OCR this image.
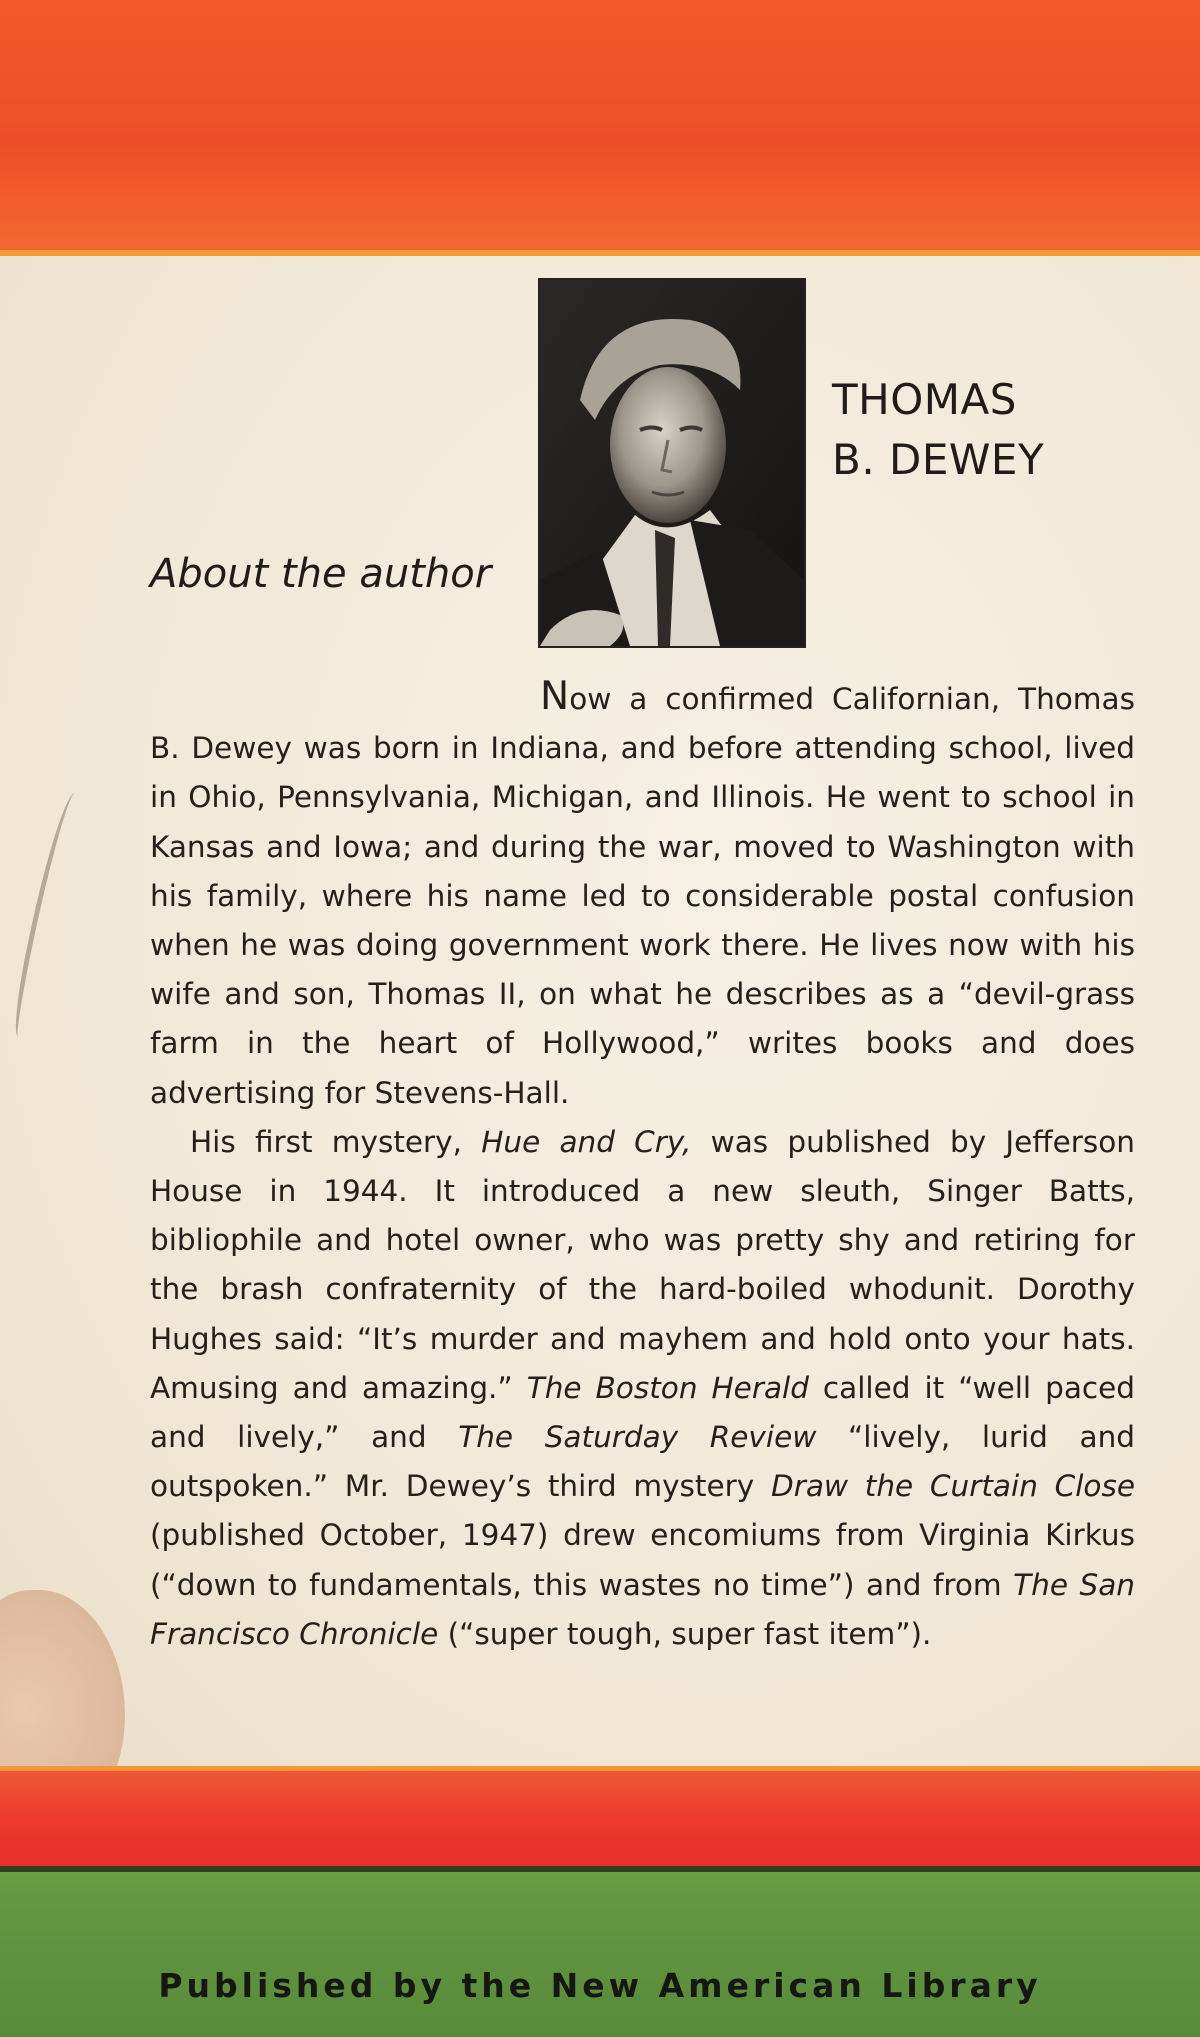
THOMAS
B. DEWEY
About the author

Now a confirmed Californian, Thomas B. Dewey was born in Indiana, and before attending school, lived in Ohio, Pennsylvania, Michigan, and Illinois. He went to school in Kansas and Iowa; and during the war, moved to Washington with his family, where his name led to considerable postal confusion when he was doing government work there. He lives now with his wife and son, Thomas II, on what he describes as a “devil-grass farm in the heart of Hollywood,” writes books and does advertising for Stevens-Hall.

His first mystery, Hue and Cry, was published by Jefferson House in 1944. It introduced a new sleuth, Singer Batts, bibliophile and hotel owner, who was pretty shy and retiring for the brash confraternity of the hard-boiled whodunit. Dorothy Hughes said: “It’s murder and mayhem and hold onto your hats. Amusing and amazing.” The Boston Herald called it “well paced and lively,” and The Saturday Review “lively, lurid and outspoken.” Mr. Dewey’s third mystery Draw the Curtain Close (published October, 1947) drew encomiums from Virginia Kirkus (“down to fundamentals, this wastes no time”) and from The San Francisco Chronicle (“super tough, super fast item”).

Published by the New American Library
